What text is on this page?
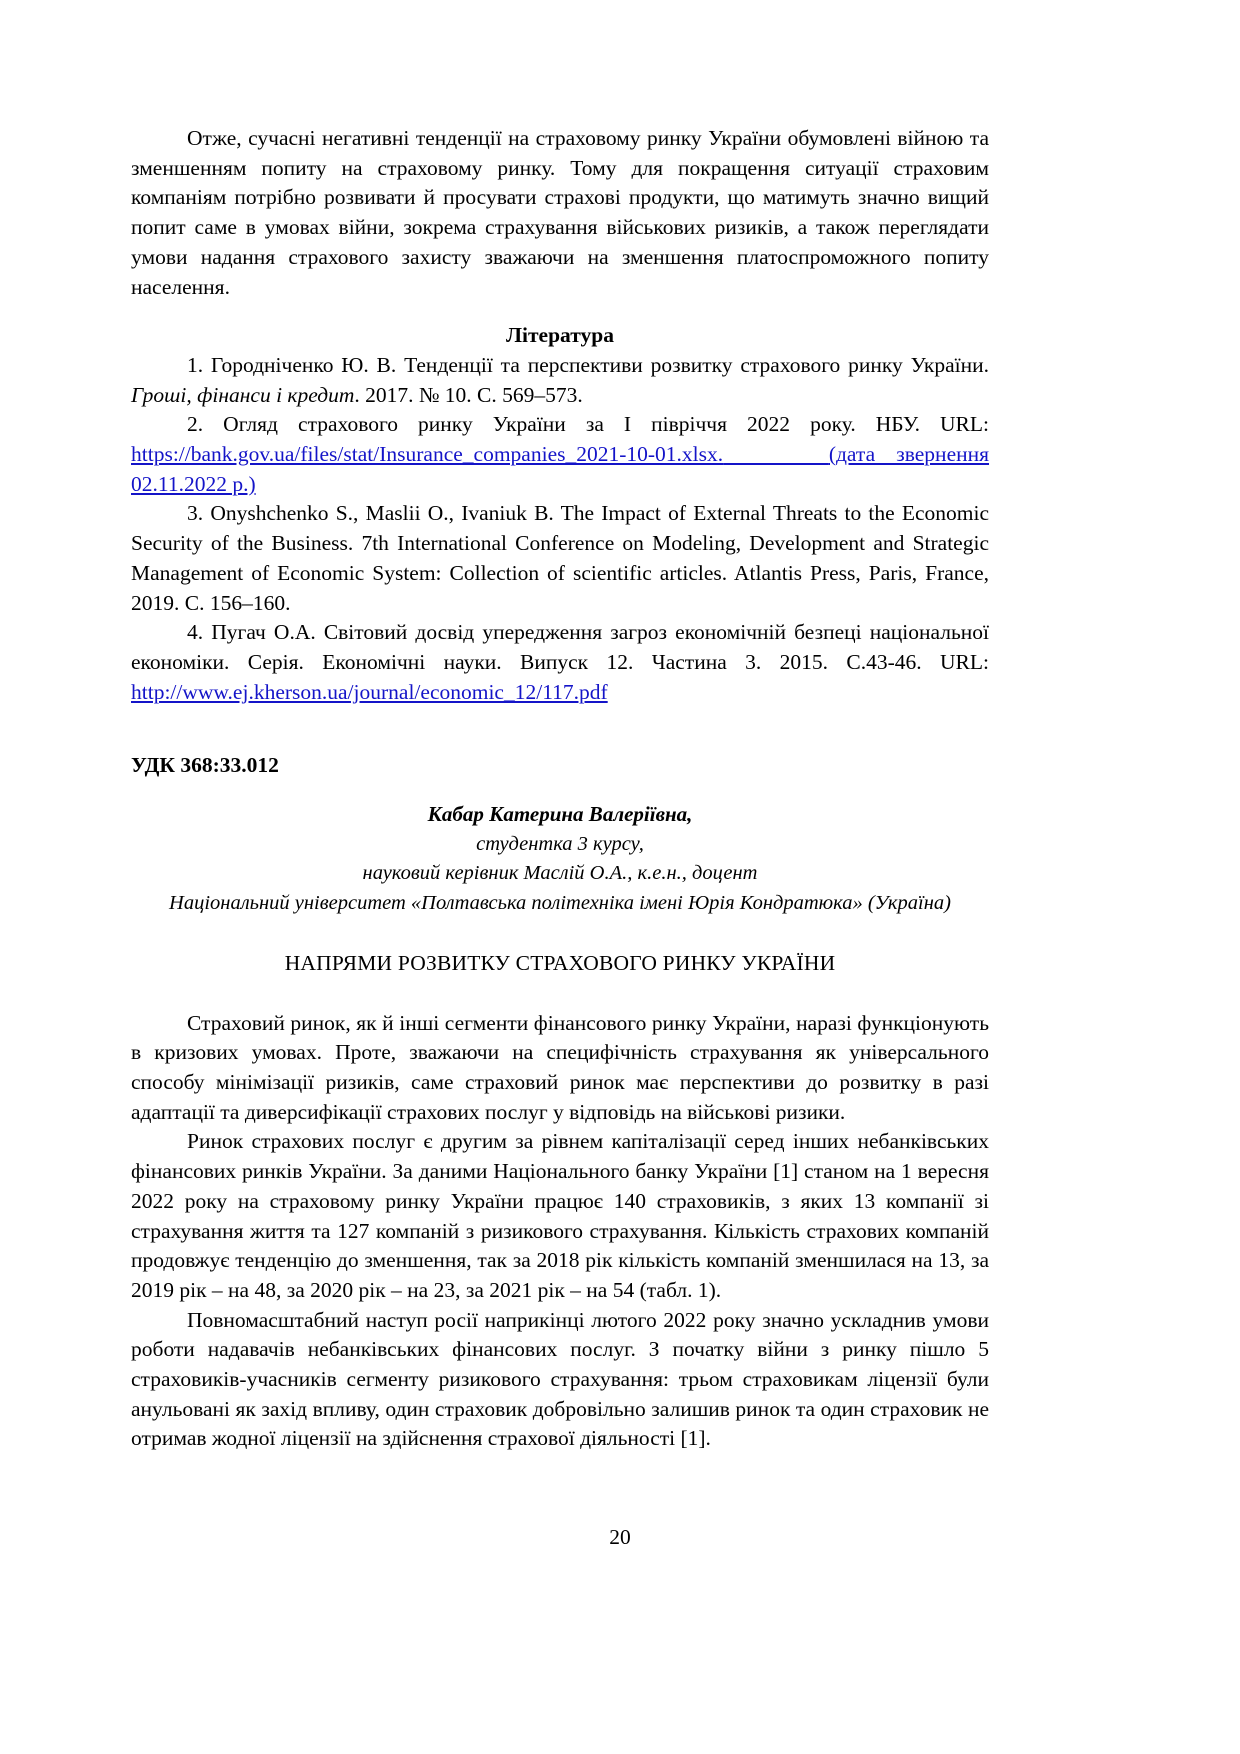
Отже, сучасні негативні тенденції на страховому ринку України обумовлені війною та зменшенням попиту на страховому ринку. Тому для покращення ситуації страховим компаніям потрібно розвивати й просувати страхові продукти, що матимуть значно вищий попит саме в умовах війни, зокрема страхування військових ризиків, а також переглядати умови надання страхового захисту зважаючи на зменшення платоспроможного попиту населення.

Література

1. Городніченко Ю. В. Тенденції та перспективи розвитку страхового ринку України. Гроші, фінанси і кредит. 2017. № 10. С. 569–573.

2. Огляд страхового ринку України за І півріччя 2022 року. НБУ. URL: https://bank.gov.ua/files/stat/Insurance_companies_2021-10-01.xlsx.	(дата звернення 02.11.2022 р.)

3. Onyshchenko S., Maslii O., Ivaniuk B. The Impact of External Threats to the Economic Security of the Business. 7th International Conference on Modeling, Development and Strategic Management of Economic System: Collection of scientific articles. Atlantis Press, Paris, France, 2019. C. 156–160.

4. Пугач О.А. Світовий досвід упередження загроз економічній безпеці національної економіки. Серія. Економічні науки. Випуск 12. Частина 3. 2015. С.43-46. URL: http://www.ej.kherson.ua/journal/economic_12/117.pdf

УДК 368:33.012

Кабар Катерина Валеріївна,

студентка 3 курсу,

науковий керівник Маслій О.А., к.е.н., доцент

Національний університет «Полтавська політехніка імені Юрія Кондратюка» (Україна)

НАПРЯМИ РОЗВИТКУ СТРАХОВОГО РИНКУ УКРАЇНИ

Страховий ринок, як й інші сегменти фінансового ринку України, наразі функціонують в кризових умовах. Проте, зважаючи на специфічність страхування як універсального способу мінімізації ризиків, саме страховий ринок має перспективи до розвитку в разі адаптації та диверсифікації страхових послуг у відповідь на військові ризики.

Ринок страхових послуг є другим за рівнем капіталізації серед інших небанківських фінансових ринків України. За даними Національного банку України [1] станом на 1 вересня 2022 року на страховому ринку України працює 140 страховиків, з яких 13 компанії зі страхування життя та 127 компаній з ризикового страхування. Кількість страхових компаній продовжує тенденцію до зменшення, так за 2018 рік кількість компаній зменшилася на 13, за 2019 рік – на 48, за 2020 рік – на 23, за 2021 рік – на 54 (табл. 1).

Повномасштабний наступ росії наприкінці лютого 2022 року значно ускладнив умови роботи надавачів небанківських фінансових послуг. З початку війни з ринку пішло 5 страховиків-учасників сегменту ризикового страхування: трьом страховикам ліцензії були анульовані як захід впливу, один страховик добровільно залишив ринок та один страховик не отримав жодної ліцензії на здійснення страхової діяльності [1].

20
